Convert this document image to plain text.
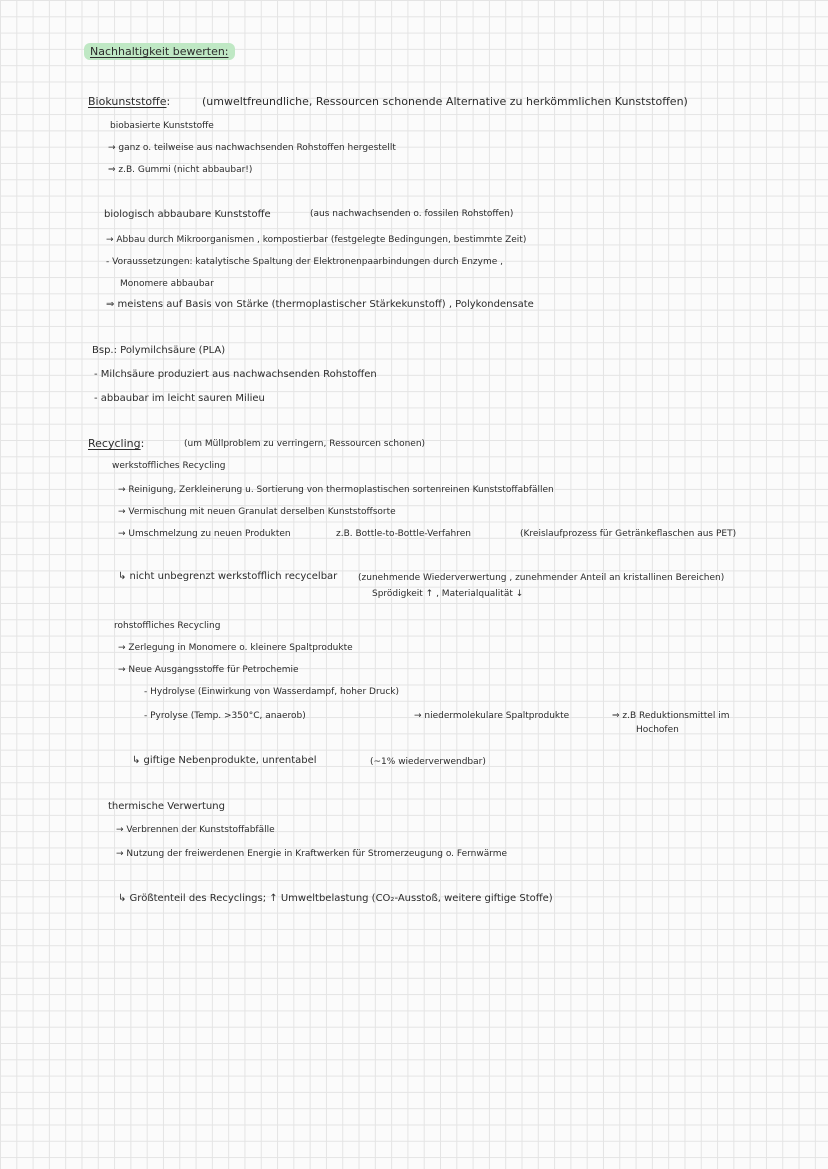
Nachhaltigkeit bewerten:
Biokunststoffe:	(umweltfreundliche, Ressourcen schonende Alternative zu herkömmlichen Kunststoffen)
biobasierte Kunststoffe
→ ganz o. teilweise aus nachwachsenden Rohstoffen hergestellt
⇒ z.B. Gummi (nicht abbaubar!)
biologisch abbaubare Kunststoffe	(aus nachwachsenden o. fossilen Rohstoffen)
→ Abbau durch Mikroorganismen , kompostierbar (festgelegte Bedingungen, bestimmte Zeit)
- Voraussetzungen: katalytische Spaltung der Elektronenpaarbindungen durch Enzyme ,
Monomere abbaubar
⇒ meistens auf Basis von Stärke (thermoplastischer Stärkekunstoff) , Polykondensate
Bsp.: Polymilchsäure (PLA)
- Milchsäure produziert aus nachwachsenden Rohstoffen
- abbaubar im leicht sauren Milieu
Recycling:	(um Müllproblem zu verringern, Ressourcen schonen)
werkstoffliches Recycling
→ Reinigung, Zerkleinerung u. Sortierung von thermoplastischen sortenreinen Kunststoffabfällen
→ Vermischung mit neuen Granulat derselben Kunststoffsorte
→ Umschmelzung zu neuen Produkten	z.B. Bottle-to-Bottle-Verfahren	(Kreislaufprozess für Getränkeflaschen aus PET)
↳ nicht unbegrenzt werkstofflich recycelbar (zunehmende Wiederverwertung , zunehmender Anteil an kristallinen Bereichen)
Sprödigkeit ↑ , Materialqualität ↓
rohstoffliches Recycling
→ Zerlegung in Monomere o. kleinere Spaltprodukte
→ Neue Ausgangsstoffe für Petrochemie
- Hydrolyse (Einwirkung von Wasserdampf, hoher Druck)
- Pyrolyse (Temp. >350°C, anaerob)	→ niedermolekulare Spaltprodukte	⇒ z.B Reduktionsmittel im
Hochofen
↳ giftige Nebenprodukte, unrentabel	(~1% wiederverwendbar)
thermische Verwertung
→ Verbrennen der Kunststoffabfälle
→ Nutzung der freiwerdenen Energie in Kraftwerken für Stromerzeugung o. Fernwärme
↳ Größtenteil des Recyclings; ↑ Umweltbelastung (CO₂-Ausstoß, weitere giftige Stoffe)
